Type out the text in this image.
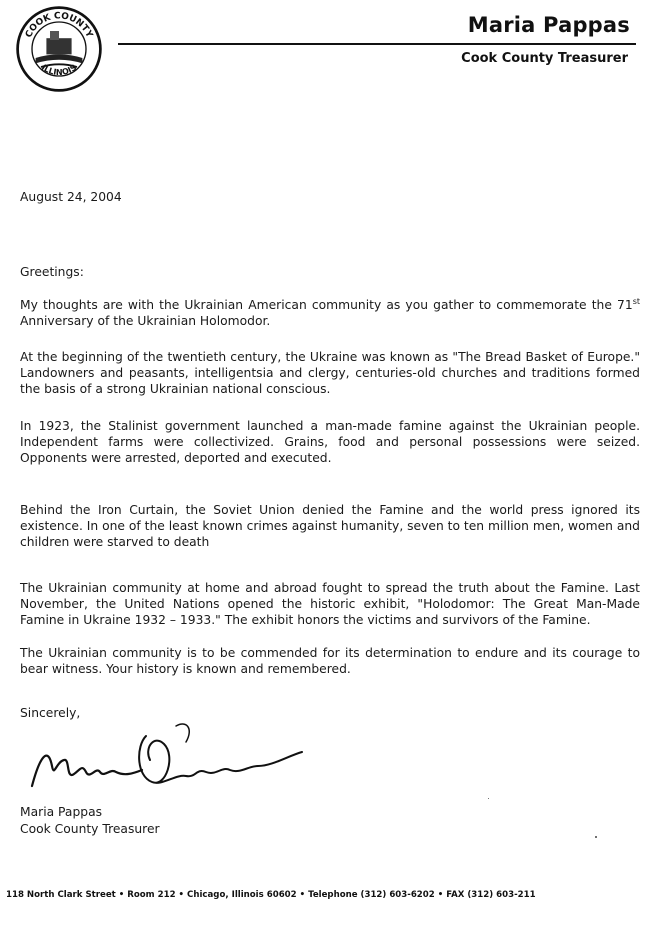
COOK COUNTY
ILLINOIS
Maria Pappas
Cook County Treasurer
August 24, 2004
Greetings:
My thoughts are with the Ukrainian American community as you gather to commemorate the 71st Anniversary of the Ukrainian Holomodor.
At the beginning of the twentieth century, the Ukraine was known as "The Bread Basket of Europe." Landowners and peasants, intelligentsia and clergy, centuries-old churches and traditions formed the basis of a strong Ukrainian national conscious.
In 1923, the Stalinist government launched a man-made famine against the Ukrainian people. Independent farms were collectivized. Grains, food and personal possessions were seized. Opponents were arrested, deported and executed.
Behind the Iron Curtain, the Soviet Union denied the Famine and the world press ignored its existence. In one of the least known crimes against humanity, seven to ten million men, women and children were starved to death
The Ukrainian community at home and abroad fought to spread the truth about the Famine. Last November, the United Nations opened the historic exhibit, "Holodomor: The Great Man-Made Famine in Ukraine 1932 – 1933." The exhibit honors the victims and survivors of the Famine.
The Ukrainian community is to be commended for its determination to endure and its courage to bear witness. Your history is known and remembered.
Sincerely,
Maria Pappas
Cook County Treasurer
118 North Clark Street • Room 212 • Chicago, Illinois 60602 • Telephone (312) 603-6202 • FAX (312) 603-211
